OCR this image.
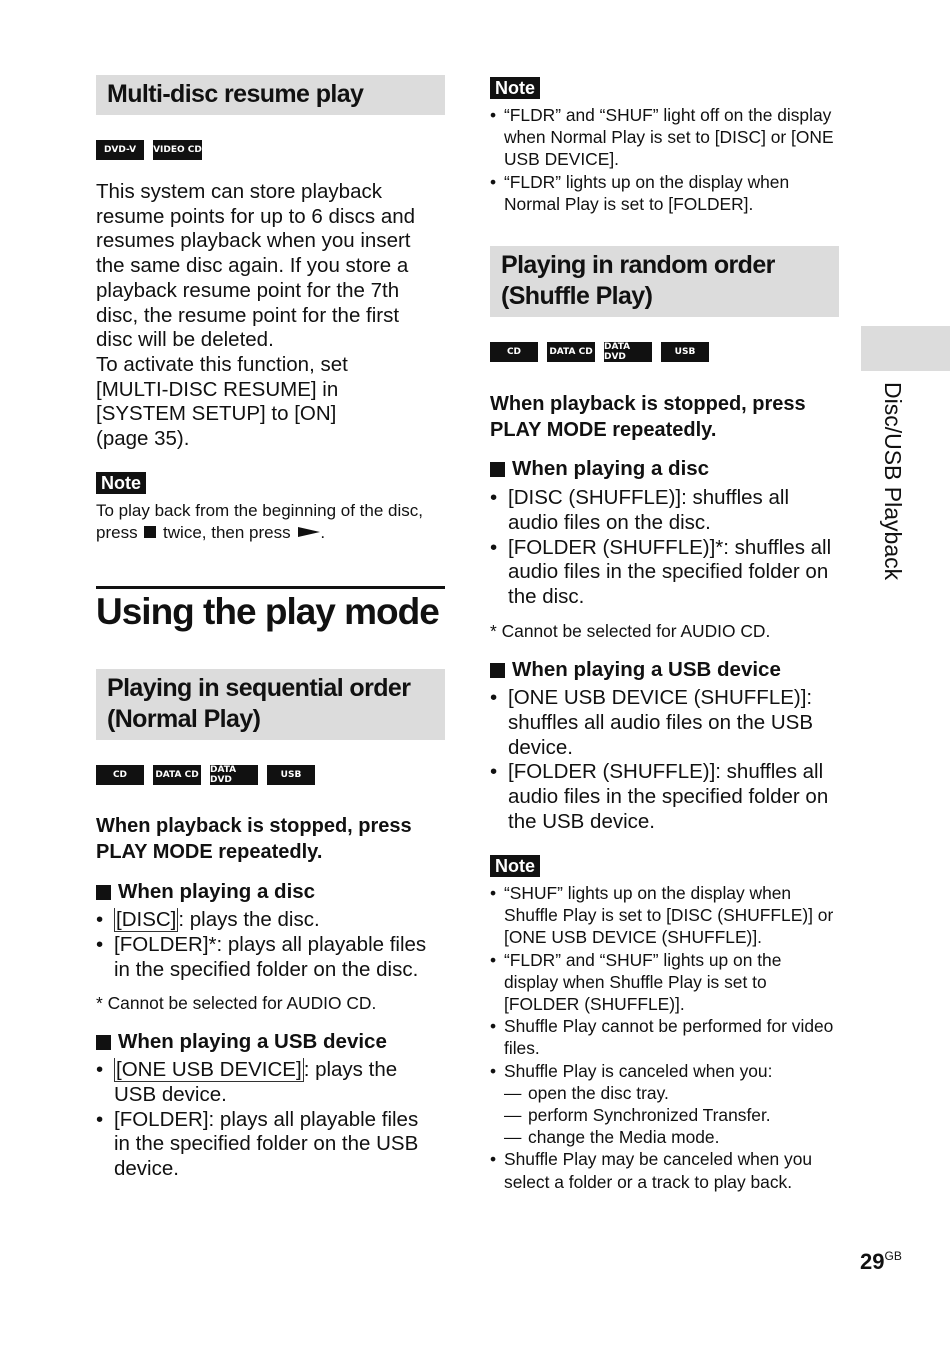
Multi-disc resume play
DVD-V	VIDEO CD
This system can store playback resume points for up to 6 discs and resumes playback when you insert the same disc again. If you store a playback resume point for the 7th disc, the resume point for the first disc will be deleted.
To activate this function, set [MULTI-DISC RESUME] in [SYSTEM SETUP] to [ON] (page 35).
Note
To play back from the beginning of the disc, press twice, then press .
Using the play mode
Playing in sequential order
(Normal Play)
CD	DATA CD DATA DVD	USB
When playback is stopped, press PLAY MODE repeatedly.
When playing a disc
• [DISC]: plays the disc.
• [FOLDER]*: plays all playable files in the specified folder on the disc.
* Cannot be selected for AUDIO CD.
When playing a USB device
• [ONE USB DEVICE]: plays the USB device.
• [FOLDER]: plays all playable files in the specified folder on the USB device.
Note
• “FLDR” and “SHUF” light off on the display when Normal Play is set to [DISC] or [ONE USB DEVICE].
• “FLDR” lights up on the display when Normal Play is set to [FOLDER].
Playing in random order
(Shuffle Play)
CD	DATA CD DATA DVD	USB
When playback is stopped, press PLAY MODE repeatedly.
When playing a disc
• [DISC (SHUFFLE)]: shuffles all audio files on the disc.
• [FOLDER (SHUFFLE)]*: shuffles all audio files in the specified folder on the disc.
* Cannot be selected for AUDIO CD.
When playing a USB device
• [ONE USB DEVICE (SHUFFLE)]: shuffles all audio files on the USB device.
• [FOLDER (SHUFFLE)]: shuffles all audio files in the specified folder on the USB device.
Note
• “SHUF” lights up on the display when Shuffle Play is set to [DISC (SHUFFLE)] or [ONE USB DEVICE (SHUFFLE)].
• “FLDR” and “SHUF” lights up on the display when Shuffle Play is set to [FOLDER (SHUFFLE)].
• Shuffle Play cannot be performed for video files.
• Shuffle Play is canceled when you:
— open the disc tray.
— perform Synchronized Transfer.
— change the Media mode.
• Shuffle Play may be canceled when you select a folder or a track to play back.
Disc/USB Playback
$29^{GB}$
